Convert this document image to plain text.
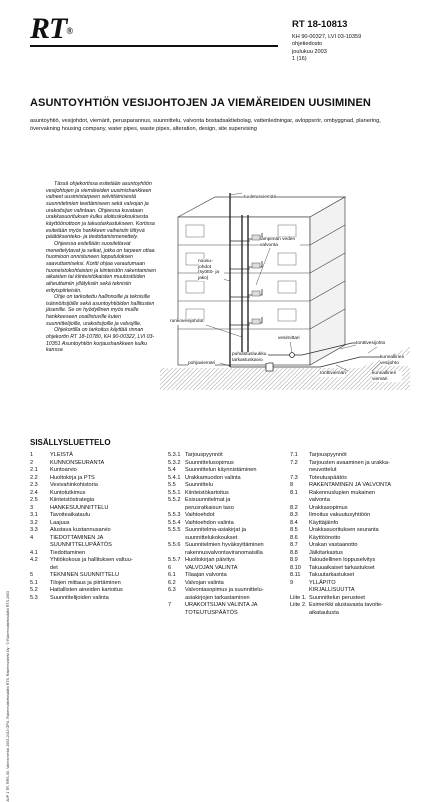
RT®
RT 18-10813
KH 90-00327, LVI 03-10359
ohjetiedosto
joulukuu 2003
1 (16)
ASUNTOYHTIÖN VESIJOHTOJEN JA VIEMÄREIDEN UUSIMINEN
asuntoyhtiö, vesijohdot, viemärit, perusparannus, suunnittelu, valvonta bostadsaktiebolag, vattenledningar, avloppsrör, ombyggnad, planering, övervakning housing company, water pipes, waste pipes, alteration, design, site supervising

Tässä ohjekortissa esitetään asuntoyhtiön vesijohtojen ja viemäreiden uusimishankkeen vaiheet uusimistarpeen selvittämisestä suunnitelmien teettämiseen sekä valvojan ja urakoitsijan valintaan. Ohjeessa kuvataan urakkasuorituksen kulku aloituskokouksesta käyttöönottoon ja takuutarkastukseen. Kortissa esitetään myös hankkeen vaiheisiin liittyvä päätöksenteko- ja tiedottamismenettely.

Ohjeessa esitellään suositeltavat menettelytavat ja seikat, jotka on tarpeen ottaa huomioon onnistuneen lopputuloksen saavuttamiseksi. Kortti ohjaa varautumaan huoneistokohtaisten ja kiinteistön rakentamisen aikaisten tai kiinteistökaisten muutostöiden aiheuttamiin yllätyksiin sekä teknisiin erityispiirteisiin.

Ohje on tarkoitettu hallinnoille ja teknisille isännöitsijöille sekä asuntoyhtiöiden hallitusten jäsenille. Se on hyödyllinen myös muille hankkeeseen osallistuville kuten suunnittelijoille, urakoitsijoille ja valvojille.

Ohjekortilla on tarkoitus käyttää rinnan ohjekortin RT 18-10780, KH 90-00322, LVI 03-10351 Asuntoyhtiön korjaushankkeen kulku kanssa

tuuletusviemäri
nousu-johdot (syöttö- ja jako)
lämpimän veden valvonta
runkovesijohdot
vesimittari
tonttivesijohto
pohjaviemäri
puhdistusluukku tarkastuskaivo
tonttiviemäri
kunnallinen vesijohto
kunnallinen viemäri
SISÄLLYSLUETTELO
1	YLEISTÄ
2	KUNNONSEURANTA
2.1	Kuntoarvio
2.2	Huoltokirja ja PTS
2.3	Vesivahinkohistoria
2.4	Kuntotutkimus
2.5	Kiinteistöstrategia
3	HANKESUUNNITTELU
3.1	Tavoiteaikataulu
3.2	Laajuus
3.3	Alustava kustannusarvio
4	TIEDOTTAMINEN JA
SUUNNITTELUPÄÄTÖS
4.1	Tiedottaminen
4.2	Yhtiökokous ja hallituksen valtuu-
det
5	TEKNINEN SUUNNITTELU
5.1	Tilojen mittaus ja piirtäminen
5.2	Haitallisten aineiden kartoitus
5.3	Suunnittelijoiden valinta
5.3.1 Tarjouspyynnöt
5.3.2 Suunnittelusopimus
5.4	Suunnittelun käynnistäminen
5.4.1 Urakkamuodon valinta
5.5	Suunnittelu
5.5.1 Kiinteistökartoitus
5.5.2 Esisuunnitelmat ja
perusratkaisun taso
5.5.3 Vaihtoehdot
5.5.4 Vaihtoehdon valinta
5.5.5 Suunnitelma-asiakirjat ja
suunnittelukokoukset
5.5.6 Suunnitelmien hyväksyttäminen
rakennusvalvontaviranomaisilla
5.5.7 Huoltokirjan päivitys
6	VALVOJAN VALINTA
6.1	Tilaajan valvonta
6.2	Valvojan valinta
6.3	Valvontasopimus ja suunnittelu-
asiakirjojen tarkastaminen
7	URAKOITSIJAN VALINTA JA
TOTEUTUSPÄÄTÖS
7.1	Tarjouspyynnöt
7.2	Tarjousten avaaminen ja urakka-
neuvottelut
7.3	Toteutuspäätös
8	RAKENTAMINEN JA VALVONTA
8.1	Rakennuslupien mukainen
valvonta
8.2	Urakkasopimus
8.3	Ilmoitus vakuutusyhtiöön
8.4	Käyttäjäinfo
8.5	Urakkasuorituksen seuranta
8.6	Käyttöönotto
8.7	Urakan vastaanotto
8.8	Jälkitarkastus
8.9	Taloudellinen loppuselvitys
8.10	Takuuaikaiset tarkastukset
8.11	Takuutarkastukset
9	YLLÄPITO
KIRJALLISUUTTA
Liite 1. Suunnittelun perusteet
Liite 2. Esimerkki alustavasta tavoite-
aikataulusta
AVP 1 TR, RRS-ISI, Valmismerkki 2003-2013 GPU, Rakennustietosäätiö RTS, Rakennustieto Oy · © Rakennustietosäätiö RTS 2003
